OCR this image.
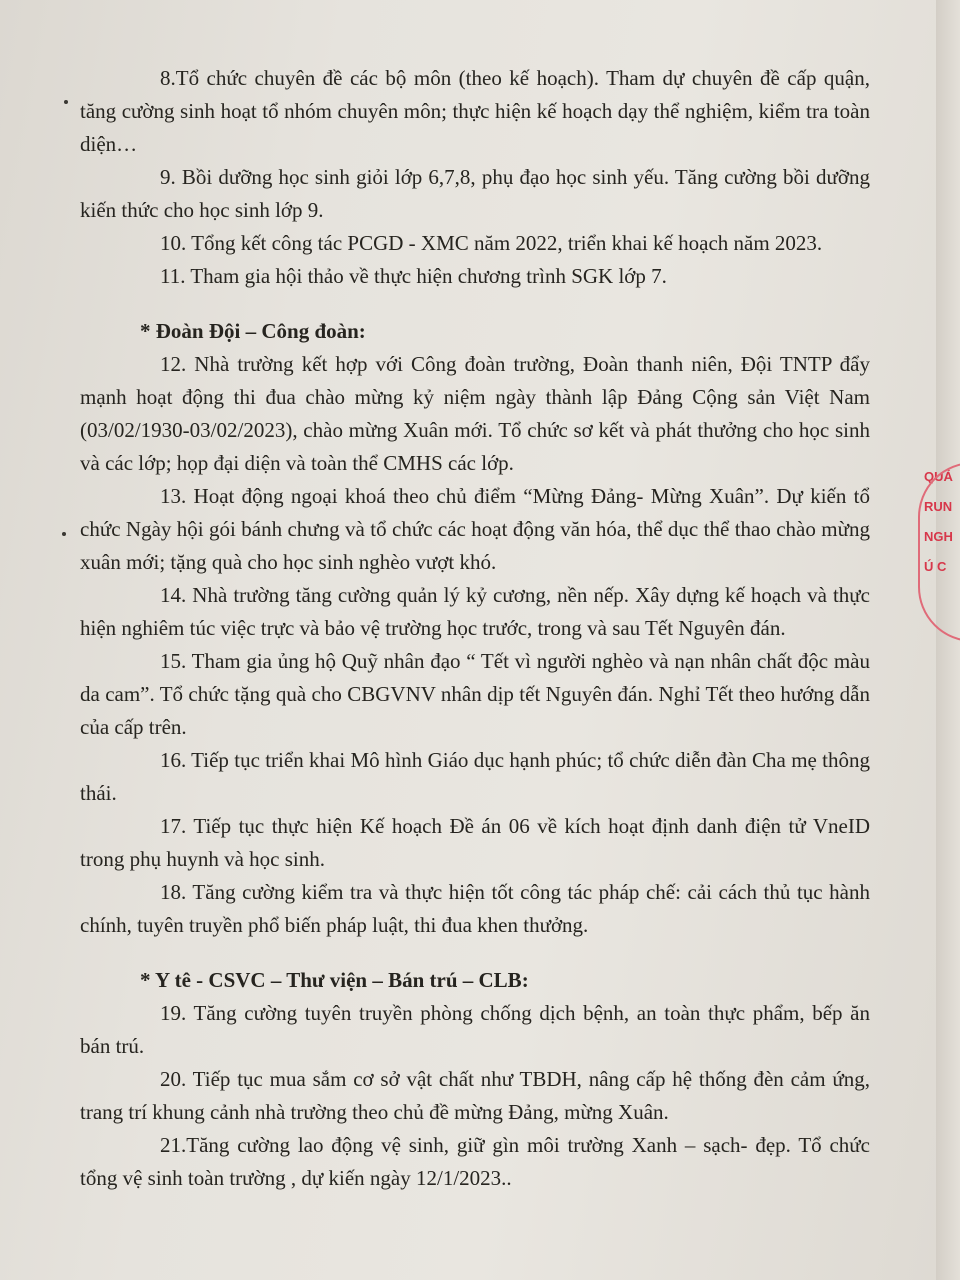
8.Tổ chức chuyên đề các bộ môn (theo kế hoạch). Tham dự chuyên đề cấp quận, tăng cường sinh hoạt tổ nhóm chuyên môn; thực hiện kế hoạch dạy thể nghiệm, kiểm tra toàn diện…

9. Bồi dưỡng học sinh giỏi lớp 6,7,8, phụ đạo học sinh yếu. Tăng cường bồi dưỡng kiến thức cho học sinh lớp 9.

10. Tổng kết công tác PCGD - XMC năm 2022, triển khai kế hoạch năm 2023.

11. Tham gia hội thảo về thực hiện chương trình SGK lớp 7.

* Đoàn Đội – Công đoàn:

12. Nhà trường kết hợp với Công đoàn trường, Đoàn thanh niên, Đội TNTP đẩy mạnh hoạt động thi đua chào mừng kỷ niệm ngày thành lập Đảng Cộng sản Việt Nam (03/02/1930-03/02/2023), chào mừng Xuân mới. Tổ chức sơ kết và phát thưởng cho học sinh và các lớp; họp đại diện và toàn thể CMHS các lớp.

13. Hoạt động ngoại khoá theo chủ điểm “Mừng Đảng- Mừng Xuân”. Dự kiến tổ chức Ngày hội gói bánh chưng và tổ chức các hoạt động văn hóa, thể dục thể thao chào mừng xuân mới; tặng quà cho học sinh nghèo vượt khó.

14. Nhà trường tăng cường quản lý kỷ cương, nền nếp. Xây dựng kế hoạch và thực hiện nghiêm túc việc trực và bảo vệ trường học trước, trong và sau Tết Nguyên đán.

15. Tham gia ủng hộ Quỹ nhân đạo “ Tết vì người nghèo và nạn nhân chất độc màu da cam”. Tổ chức tặng quà cho CBGVNV nhân dịp tết Nguyên đán. Nghỉ Tết theo hướng dẫn của cấp trên.

16. Tiếp tục triển khai Mô hình Giáo dục hạnh phúc; tổ chức diễn đàn Cha mẹ thông thái.

17. Tiếp tục thực hiện Kế hoạch Đề án 06 về kích hoạt định danh điện tử VneID trong phụ huynh và học sinh.

18. Tăng cường kiểm tra và thực hiện tốt công tác pháp chế: cải cách thủ tục hành chính, tuyên truyền phổ biến pháp luật, thi đua khen thưởng.

* Y tê - CSVC – Thư viện – Bán trú – CLB:

19. Tăng cường tuyên truyền phòng chống dịch bệnh, an toàn thực phẩm, bếp ăn bán trú.

20. Tiếp tục mua sắm cơ sở vật chất như TBDH, nâng cấp hệ thống đèn cảm ứng, trang trí khung cảnh nhà trường theo chủ đề mừng Đảng, mừng Xuân.

21.Tăng cường lao động vệ sinh, giữ gìn môi trường Xanh – sạch- đẹp. Tổ chức tổng vệ sinh toàn trường , dự kiến ngày 12/1/2023..

QUẢ
RUN
NGH
Ú C
